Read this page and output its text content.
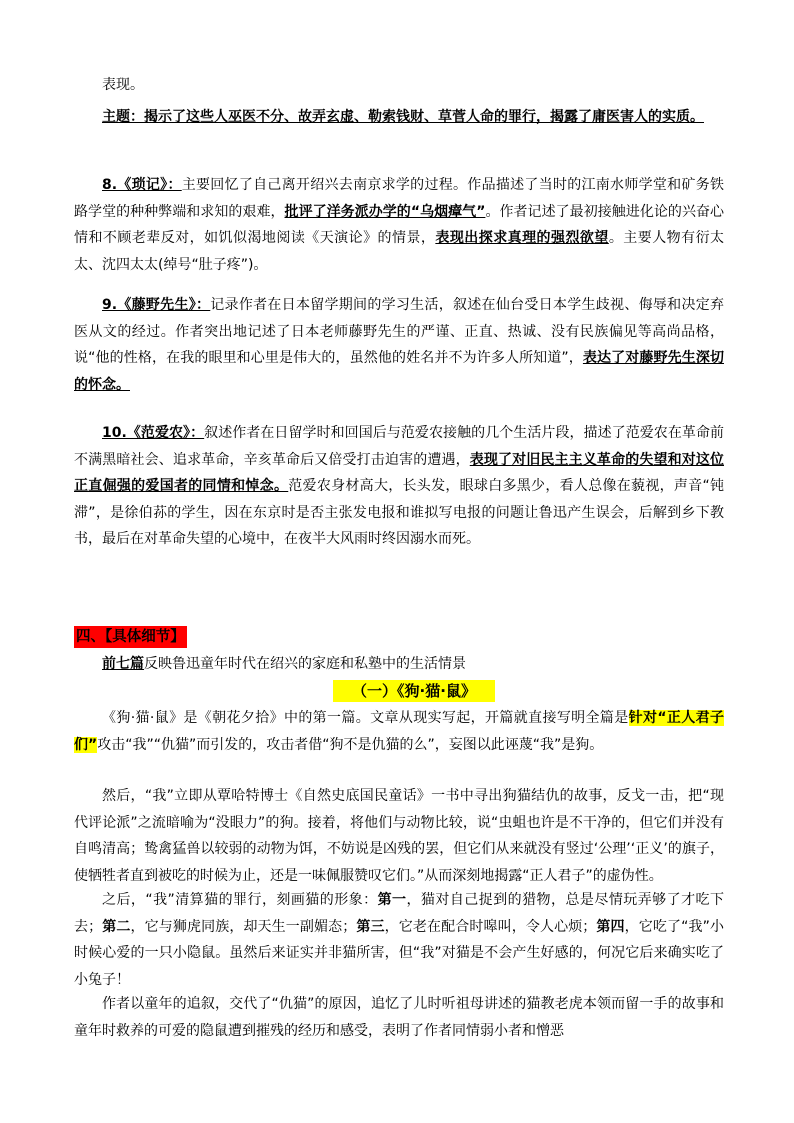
表现。

主题：揭示了这些人巫医不分、故弄玄虚、勒索钱财、草菅人命的罪行，揭露了庸医害人的实质。

8.《琐记》：主要回忆了自己离开绍兴去南京求学的过程。作品描述了当时的江南水师学堂和矿务铁路学堂的种种弊端和求知的艰难，批评了洋务派办学的“乌烟瘴气”。作者记述了最初接触进化论的兴奋心情和不顾老辈反对，如饥似渴地阅读《天演论》的情景，表现出探求真理的强烈欲望。主要人物有衍太太、沈四太太(绰号“肚子疼”)。

9.《藤野先生》：记录作者在日本留学期间的学习生活，叙述在仙台受日本学生歧视、侮辱和决定弃医从文的经过。作者突出地记述了日本老师藤野先生的严谨、正直、热诚、没有民族偏见等高尚品格，说“他的性格，在我的眼里和心里是伟大的，虽然他的姓名并不为许多人所知道”，表达了对藤野先生深切的怀念。

10.《范爱农》：叙述作者在日留学时和回国后与范爱农接触的几个生活片段，描述了范爱农在革命前不满黑暗社会、追求革命，辛亥革命后又倍受打击迫害的遭遇，表现了对旧民主主义革命的失望和对这位正直倔强的爱国者的同情和悼念。范爱农身材高大，长头发，眼球白多黑少，看人总像在藐视，声音“钝滞”，是徐伯荪的学生，因在东京时是否主张发电报和谁拟写电报的问题让鲁迅产生误会，后解到乡下教书，最后在对革命失望的心境中，在夜半大风雨时终因溺水而死。

四、【具体细节】
前七篇反映鲁迅童年时代在绍兴的家庭和私塾中的生活情景
（一）《狗·猫·鼠》

《狗·猫·鼠》是《朝花夕拾》中的第一篇。文章从现实写起，开篇就直接写明全篇是针对“正人君子们”攻击“我”“仇猫”而引发的，攻击者借“狗不是仇猫的么”，妄图以此诬蔑“我”是狗。

然后，“我”立即从覃哈特博士《自然史底国民童话》一书中寻出狗猫结仇的故事，反戈一击，把“现代评论派”之流暗喻为“没眼力”的狗。接着，将他们与动物比较，说“虫蛆也许是不干净的，但它们并没有自鸣清高；鸷禽猛兽以较弱的动物为饵，不妨说是凶残的罢，但它们从来就没有竖过‘公理’‘正义’的旗子，使牺牲者直到被吃的时候为止，还是一味佩服赞叹它们。”从而深刻地揭露“正人君子”的虚伪性。

之后，“我”清算猫的罪行，刻画猫的形象：第一，猫对自己捉到的猎物，总是尽情玩弄够了才吃下去；第二，它与狮虎同族，却天生一副媚态；第三，它老在配合时嗥叫，令人心烦；第四，它吃了“我”小时候心爱的一只小隐鼠。虽然后来证实并非猫所害，但“我”对猫是不会产生好感的，何况它后来确实吃了小兔子！

作者以童年的追叙，交代了“仇猫”的原因，追忆了儿时听祖母讲述的猫教老虎本领而留一手的故事和童年时救养的可爱的隐鼠遭到摧残的经历和感受，表明了作者同情弱小者和憎恶
